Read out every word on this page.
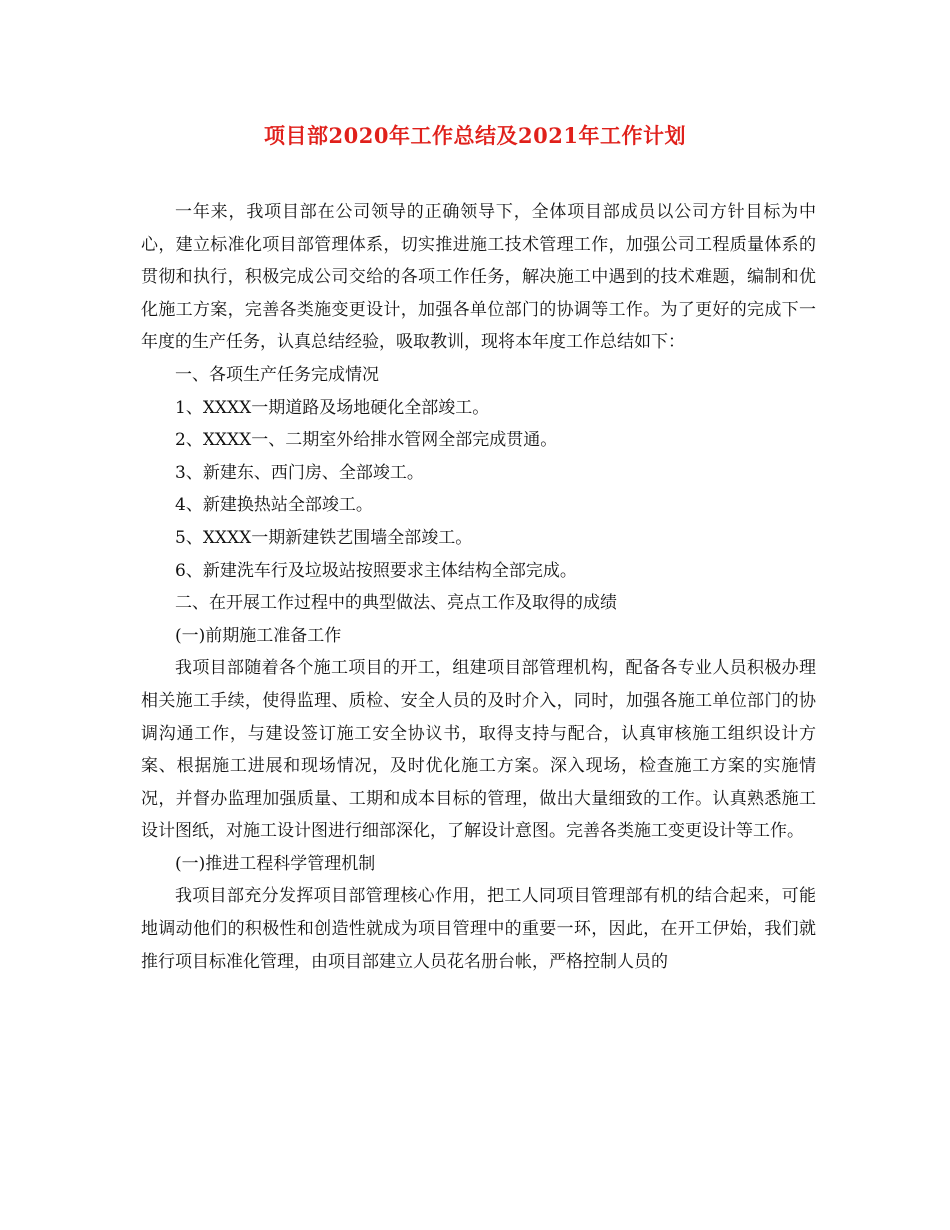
项目部2020年工作总结及2021年工作计划

一年来，我项目部在公司领导的正确领导下，全体项目部成员以公司方针目标为中心，建立标准化项目部管理体系，切实推进施工技术管理工作，加强公司工程质量体系的贯彻和执行，积极完成公司交给的各项工作任务，解决施工中遇到的技术难题，编制和优化施工方案，完善各类施变更设计，加强各单位部门的协调等工作。为了更好的完成下一年度的生产任务，认真总结经验，吸取教训，现将本年度工作总结如下：

一、各项生产任务完成情况

1、XXXX一期道路及场地硬化全部竣工。

2、XXXX一、二期室外给排水管网全部完成贯通。

3、新建东、西门房、全部竣工。

4、新建换热站全部竣工。

5、XXXX一期新建铁艺围墙全部竣工。

6、新建洗车行及垃圾站按照要求主体结构全部完成。

二、在开展工作过程中的典型做法、亮点工作及取得的成绩

(一)前期施工准备工作

我项目部随着各个施工项目的开工，组建项目部管理机构，配备各专业人员积极办理相关施工手续，使得监理、质检、安全人员的及时介入，同时，加强各施工单位部门的协调沟通工作，与建设签订施工安全协议书，取得支持与配合，认真审核施工组织设计方案、根据施工进展和现场情况，及时优化施工方案。深入现场，检查施工方案的实施情况，并督办监理加强质量、工期和成本目标的管理，做出大量细致的工作。认真熟悉施工设计图纸，对施工设计图进行细部深化，了解设计意图。完善各类施工变更设计等工作。

(一)推进工程科学管理机制

我项目部充分发挥项目部管理核心作用，把工人同项目管理部有机的结合起来，可能地调动他们的积极性和创造性就成为项目管理中的重要一环，因此，在开工伊始，我们就推行项目标准化管理，由项目部建立人员花名册台帐，严格控制人员的
